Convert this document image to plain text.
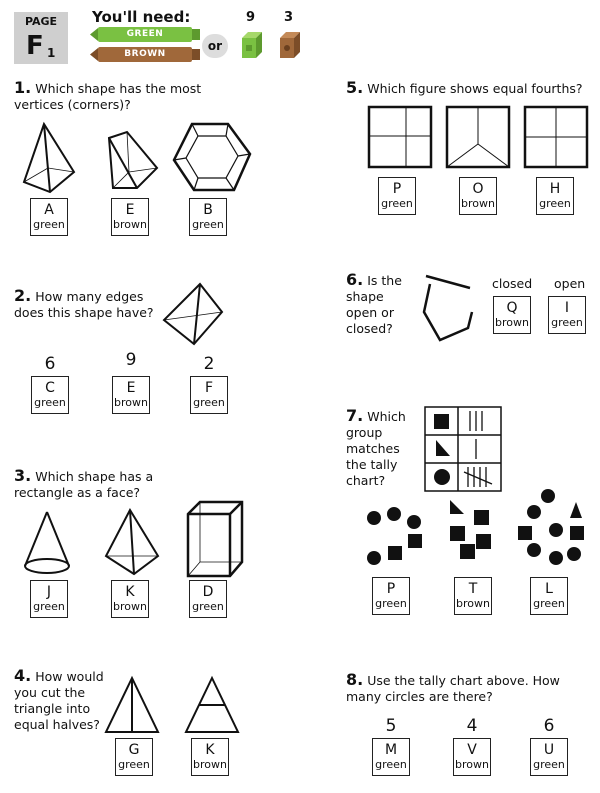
PAGE
F 1
You'll need:
GREEN
BROWN
or
9 3
1. Which shape has the most vertices (corners)?
A
green
E
brown
B
green
2. How many edges does this shape have?
6	9	2
C
green
E
brown
F
green
3. Which shape has a rectangle as a face?
J
green
K
brown
D
green
4. How would you cut the triangle into equal halves?
G
green
K
brown
5. Which figure shows equal fourths?
P
green
O
brown
H
green
6. Is the shape open or closed?
closed open
Q
brown
I
green
7. Which group matches the tally chart?
P
green
T
brown
L
green
8. Use the tally chart above. How many circles are there?
5	4	6
M
green
V
brown
U
green
